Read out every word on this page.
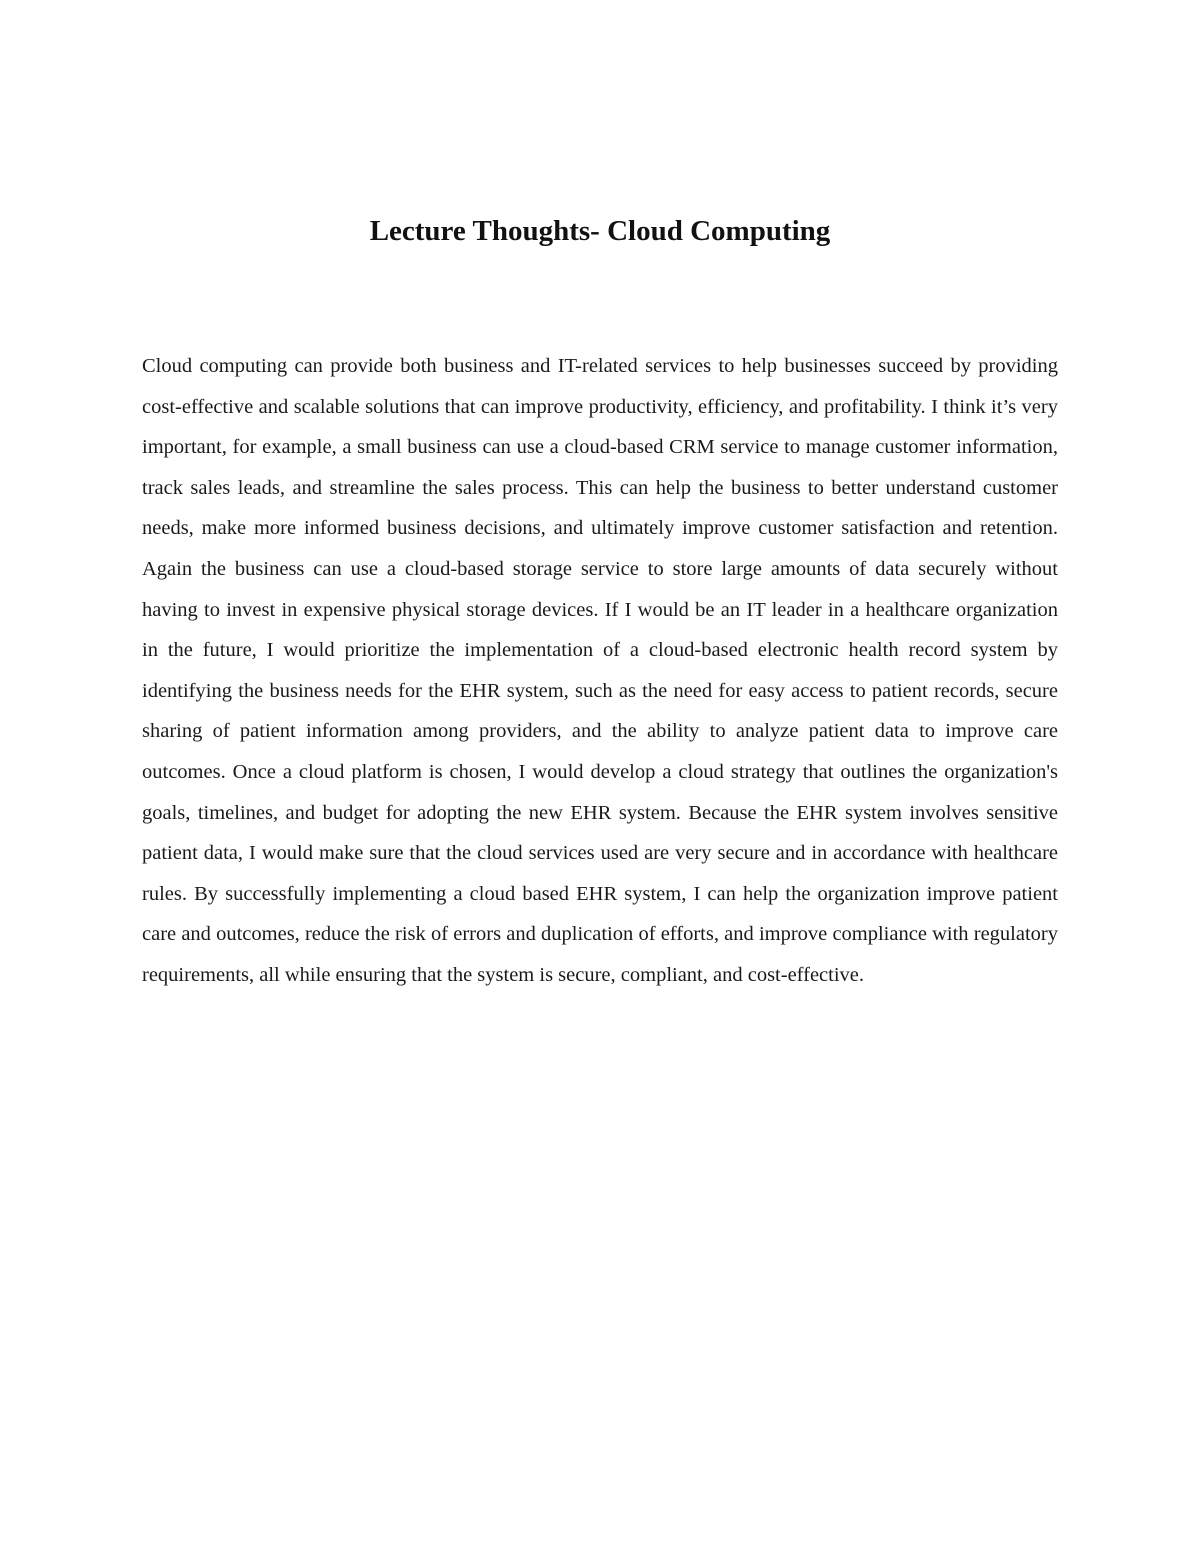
Lecture Thoughts- Cloud Computing

Cloud computing can provide both business and IT-related services to help businesses succeed by providing cost-effective and scalable solutions that can improve productivity, efficiency, and profitability. I think it’s very important, for example, a small business can use a cloud-based CRM service to manage customer information, track sales leads, and streamline the sales process. This can help the business to better understand customer needs, make more informed business decisions, and ultimately improve customer satisfaction and retention. Again the business can use a cloud-based storage service to store large amounts of data securely without having to invest in expensive physical storage devices. If I would be an IT leader in a healthcare organization in the future, I would prioritize the implementation of a cloud-based electronic health record system by identifying the business needs for the EHR system, such as the need for easy access to patient records, secure sharing of patient information among providers, and the ability to analyze patient data to improve care outcomes. Once a cloud platform is chosen, I would develop a cloud strategy that outlines the organization's goals, timelines, and budget for adopting the new EHR system. Because the EHR system involves sensitive patient data, I would make sure that the cloud services used are very secure and in accordance with healthcare rules. By successfully implementing a cloud based EHR system, I can help the organization improve patient care and outcomes, reduce the risk of errors and duplication of efforts, and improve compliance with regulatory requirements, all while ensuring that the system is secure, compliant, and cost-effective.
